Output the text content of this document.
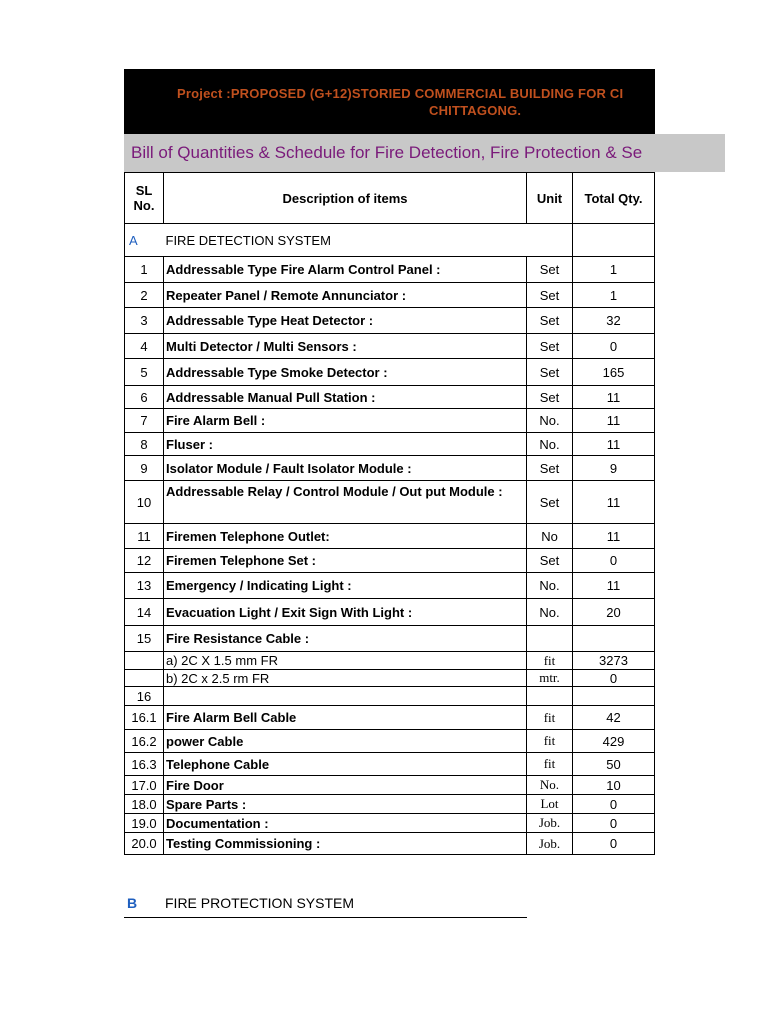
Project :PROPOSED (G+12)STORIED COMMERCIAL BUILDING FOR CI
CHITTAGONG.
Bill of Quantities & Schedule for Fire Detection, Fire Protection & Se
SL
No.	Description of items	Unit	Total Qty.
A	FIRE DETECTION SYSTEM		
1	Addressable Type Fire Alarm Control Panel :	Set	1
2	Repeater Panel / Remote Annunciator :	Set	1
3	Addressable Type Heat Detector :	Set	32
4	Multi Detector / Multi Sensors :	Set	0
5	Addressable Type Smoke Detector :	Set	165
6	Addressable Manual Pull Station :	Set	11
7	Fire Alarm Bell :	No.	11
8	Fluser :	No.	11
9	Isolator Module / Fault Isolator Module :	Set	9
10	Addressable Relay / Control Module / Out put Module :	Set	11
11	Firemen Telephone Outlet:	No	11
12	Firemen Telephone Set :	Set	0
13	Emergency / Indicating Light :	No.	11
14	Evacuation Light / Exit Sign With Light :	No.	20
15	Fire Resistance Cable :		
	a) 2C X 1.5 mm FR	fit	3273
	b) 2C x 2.5 rm FR	mtr.	0
16			
16.1	Fire Alarm Bell Cable	fit	42
16.2	power Cable	fit	429
16.3	Telephone Cable	fit	50
17.0	Fire Door	No.	10
18.0	Spare Parts :	Lot	0
19.0	Documentation :	Job.	0
20.0	Testing Commissioning :	Job.	0
B FIRE PROTECTION SYSTEM
